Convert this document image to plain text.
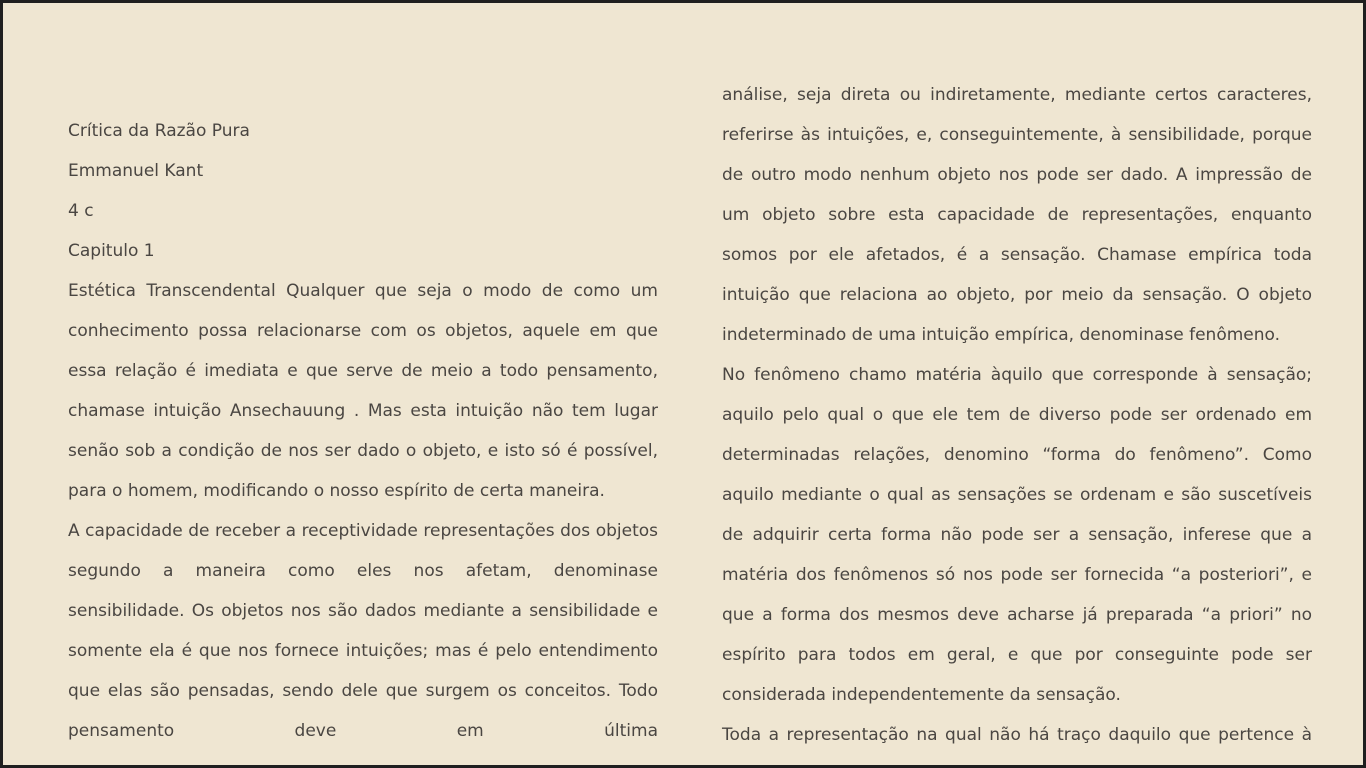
Crítica da Razão Pura
Emmanuel Kant
4 c
Capitulo 1
Estética Transcendental Qualquer que seja o modo de como um conhecimento possa relacionarse com os objetos, aquele em que essa relação é imediata e que serve de meio a todo pensamento, chamase intuição Ansechauung . Mas esta intuição não tem lugar senão sob a condição de nos ser dado o objeto, e isto só é possível, para o homem, modificando o nosso espírito de certa maneira.
A capacidade de receber a receptividade representações dos objetos segundo a maneira como eles nos afetam, denominase sensibilidade. Os objetos nos são dados mediante a sensibilidade e somente ela é que nos fornece intuições; mas é pelo entendimento que elas são pensadas, sendo dele que surgem os conceitos. Todo pensamento deve em última
análise, seja direta ou indiretamente, mediante certos caracteres, referirse às intuições, e, conseguintemente, à sensibilidade, porque de outro modo nenhum objeto nos pode ser dado. A impressão de um objeto sobre esta capacidade de representações, enquanto somos por ele afetados, é a sensação. Chamase empírica toda intuição que relaciona ao objeto, por meio da sensação. O objeto indeterminado de uma intuição empírica, denominase fenômeno.
No fenômeno chamo matéria àquilo que corresponde à sensação; aquilo pelo qual o que ele tem de diverso pode ser ordenado em determinadas relações, denomino “forma do fenômeno”. Como aquilo mediante o qual as sensações se ordenam e são suscetíveis de adquirir certa forma não pode ser a sensação, inferese que a matéria dos fenômenos só nos pode ser fornecida “a posteriori”, e que a forma dos mesmos deve acharse já preparada “a priori” no espírito para todos em geral, e que por conseguinte pode ser considerada independentemente da sensação.
Toda a representação na qual não há traço daquilo que pertence à
